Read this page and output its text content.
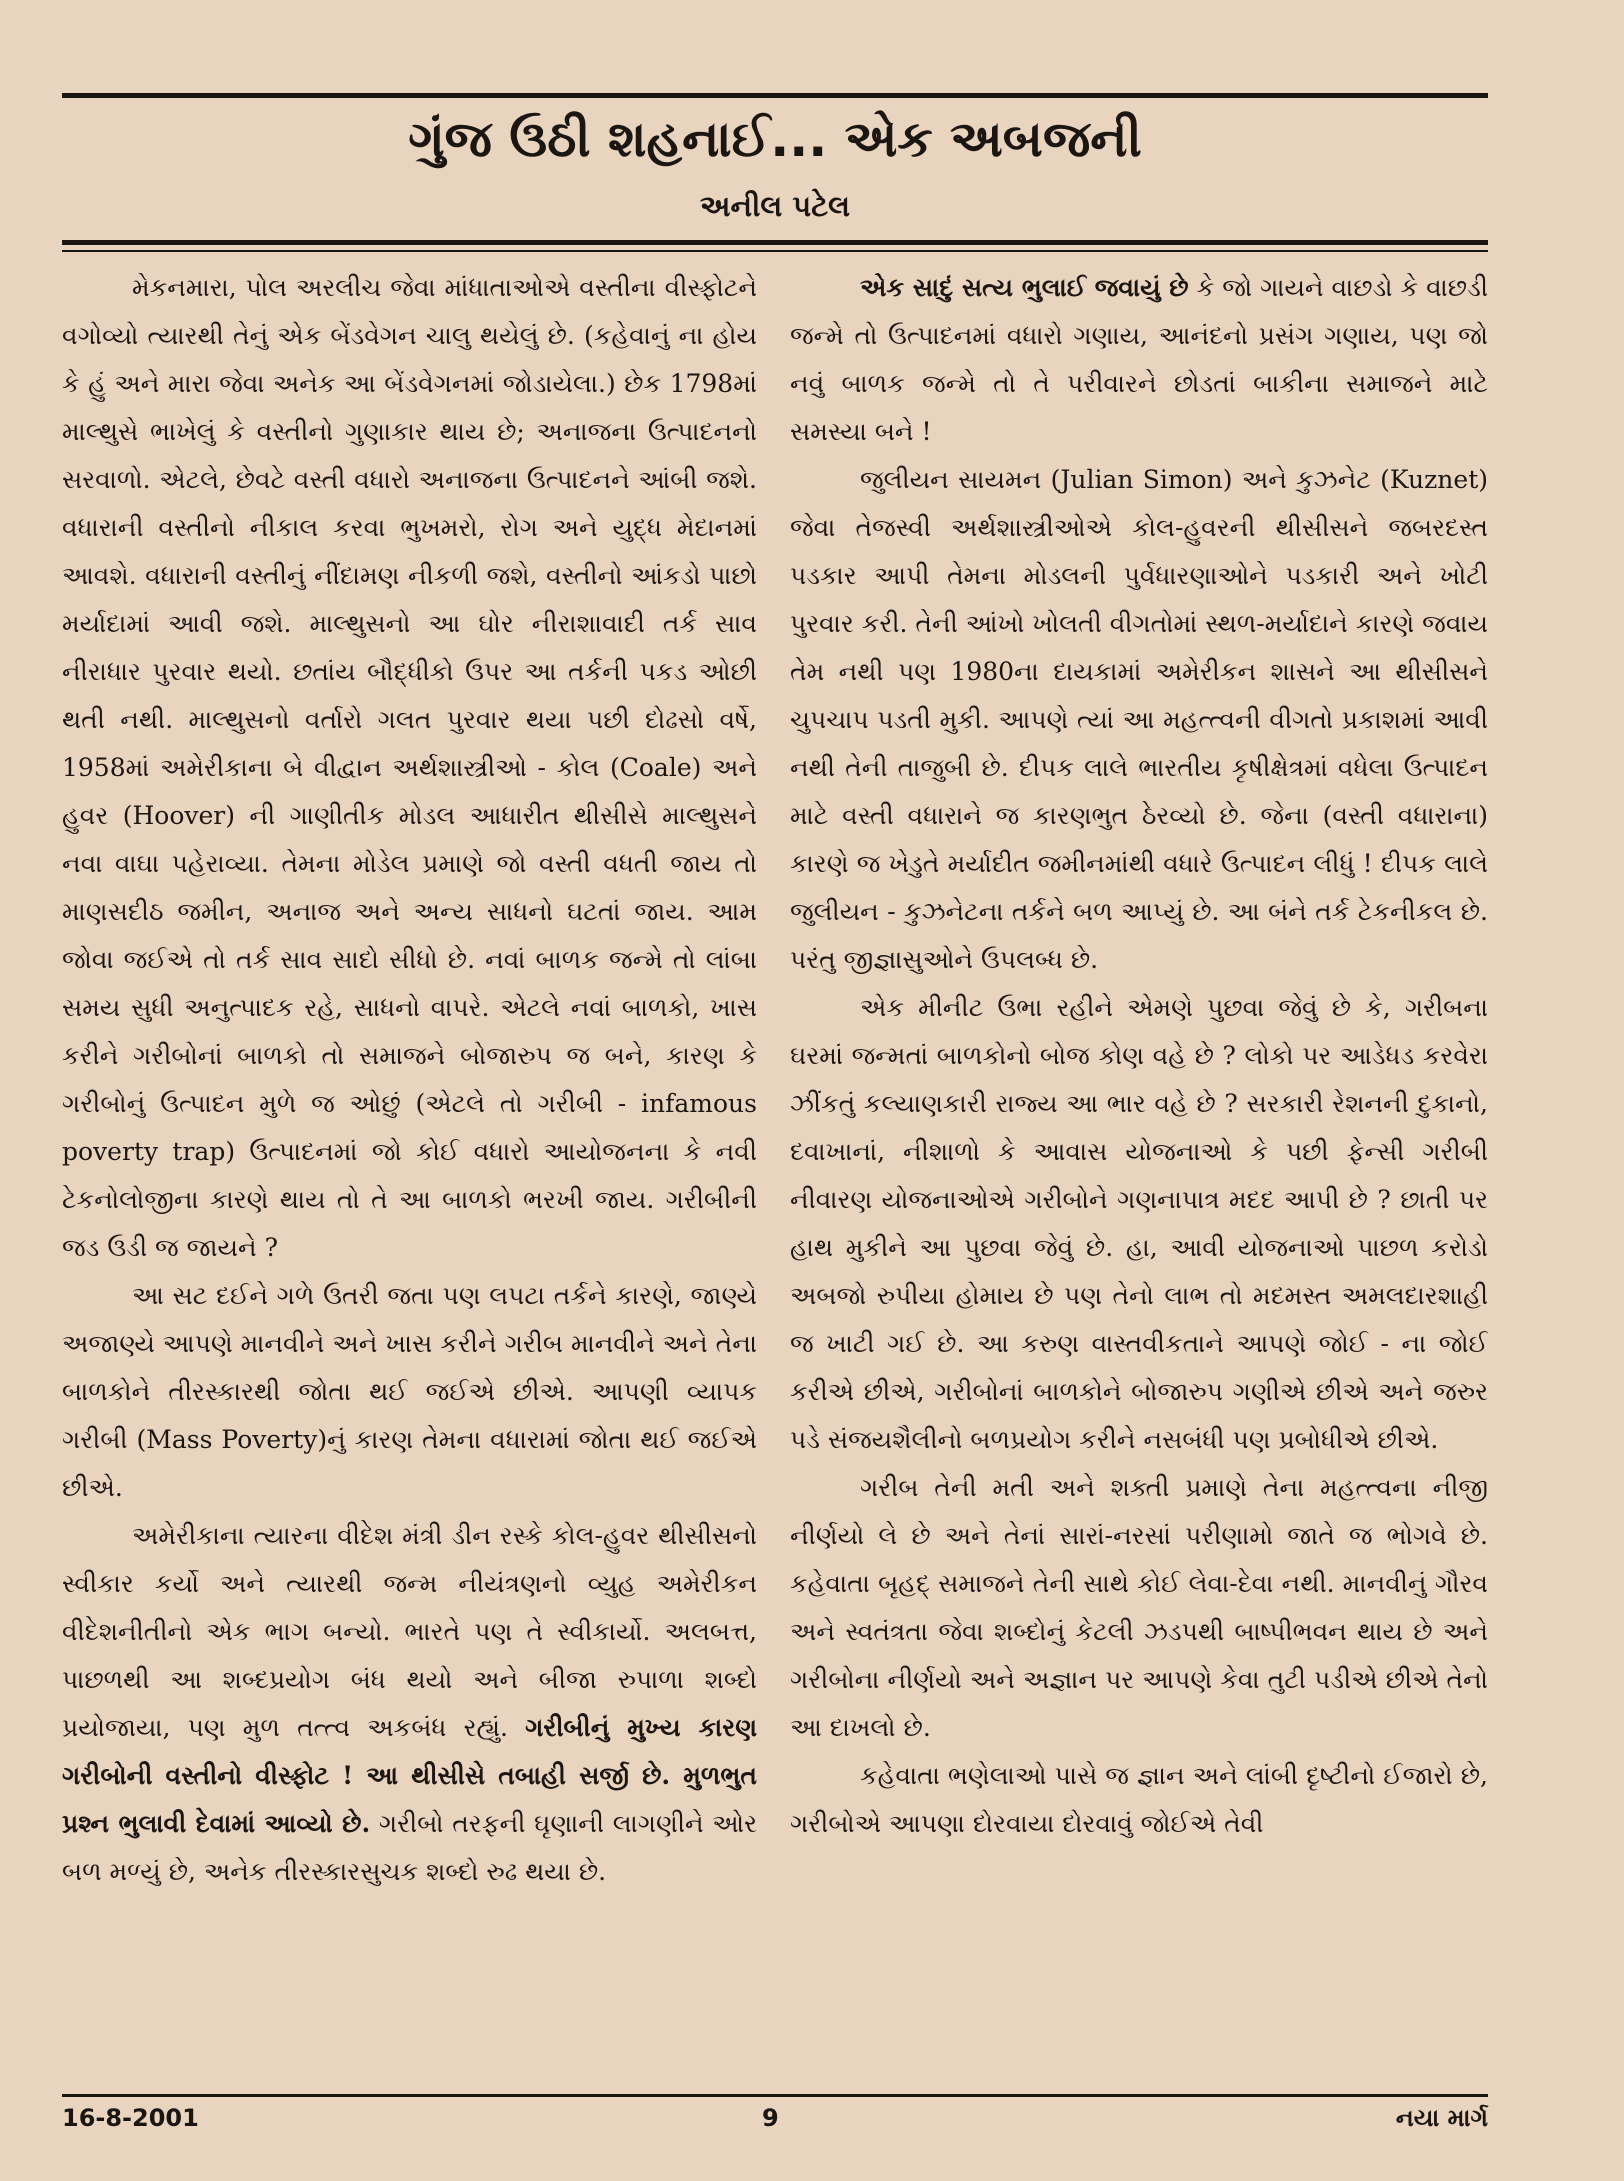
ગુંજ ઉઠી શહનાઈ... એક અબજની
અનીલ પટેલ

મેકનમારા, પોલ અરલીચ જેવા માંધાતાઓએ વસ્તીના વીસ્ફોટને વગોવ્યો ત્યારથી તેનું એક બેંડવેગન ચાલુ થયેલું છે. (કહેવાનું ના હોય કે હું અને મારા જેવા અનેક આ બેંડવેગનમાં જોડાયેલા.) છેક 1798માં માલ્થુસે ભાખેલું કે વસ્તીનો ગુણાકાર થાય છે; અનાજના ઉત્પાદનનો સરવાળો. એટલે, છેવટે વસ્તી વધારો અનાજના ઉત્પાદનને આંબી જશે. વધારાની વસ્તીનો નીકાલ કરવા ભુખમરો, રોગ અને યુદ્ધ મેદાનમાં આવશે. વધારાની વસ્તીનું નીંદામણ નીકળી જશે, વસ્તીનો આંકડો પાછો મર્યાદામાં આવી જશે. માલ્થુસનો આ ઘોર નીરાશાવાદી તર્ક સાવ નીરાધાર પુરવાર થયો. છતાંય બૌદ્ધીકો ઉપર આ તર્કની પકડ ઓછી થતી નથી. માલ્થુસનો વર્તારો ગલત પુરવાર થયા પછી દોઢસો વર્ષે, 1958માં અમેરીકાના બે વીદ્વાન અર્થશાસ્ત્રીઓ - કોલ (Coale) અને હુવર (Hoover) ની ગાણીતીક મોડલ આધારીત થીસીસે માલ્થુસને નવા વાઘા પહેરાવ્યા. તેમના મોડેલ પ્રમાણે જો વસ્તી વધતી જાય તો માણસદીઠ જમીન, અનાજ અને અન્ય સાધનો ઘટતાં જાય. આમ જોવા જઈએ તો તર્ક સાવ સાદો સીધો છે. નવાં બાળક જન્મે તો લાંબા સમય સુધી અનુત્પાદક રહે, સાધનો વાપરે. એટલે નવાં બાળકો, ખાસ કરીને ગરીબોનાં બાળકો તો સમાજને બોજારુપ જ બને, કારણ કે ગરીબોનું ઉત્પાદન મુળે જ ઓછું (એટલે તો ગરીબી - infamous poverty trap) ઉત્પાદનમાં જો કોઈ વધારો આયોજનના કે નવી ટેકનોલોજીના કારણે થાય તો તે આ બાળકો ભરખી જાય. ગરીબીની જડ ઉડી જ જાયને ?

આ સટ દઈને ગળે ઉતરી જતા પણ લપટા તર્કને કારણે, જાણ્યે અજાણ્યે આપણે માનવીને અને ખાસ કરીને ગરીબ માનવીને અને તેના બાળકોને તીરસ્કારથી જોતા થઈ જઈએ છીએ. આપણી વ્યાપક ગરીબી (Mass Poverty)નું કારણ તેમના વધારામાં જોતા થઈ જઈએ છીએ.

અમેરીકાના ત્યારના વીદેશ મંત્રી ડીન રસ્કે કોલ-હુવર થીસીસનો સ્વીકાર કર્યો અને ત્યારથી જન્મ નીયંત્રણનો વ્યુહ અમેરીકન વીદેશનીતીનો એક ભાગ બન્યો. ભારતે પણ તે સ્વીકાર્યો. અલબત્ત, પાછળથી આ શબ્દપ્રયોગ બંધ થયો અને બીજા રુપાળા શબ્દો પ્રયોજાયા, પણ મુળ તત્ત્વ અકબંધ રહ્યું. ગરીબીનું મુખ્ય કારણ ગરીબોની વસ્તીનો વીસ્ફોટ ! આ થીસીસે તબાહી સર્જી છે. મુળભુત પ્રશ્ન ભુલાવી દેવામાં આવ્યો છે. ગરીબો તરફની ઘૃણાની લાગણીને ઓર બળ મળ્યું છે, અનેક તીરસ્કારસુચક શબ્દો રુઢ થયા છે.

એક સાદું સત્ય ભુલાઈ જવાયું છે કે જો ગાયને વાછડો કે વાછડી જન્મે તો ઉત્પાદનમાં વધારો ગણાય, આનંદનો પ્રસંગ ગણાય, પણ જો નવું બાળક જન્મે તો તે પરીવારને છોડતાં બાકીના સમાજને માટે સમસ્યા બને !

જુલીયન સાયમન (Julian Simon) અને કુઝનેટ (Kuznet) જેવા તેજસ્વી અર્થશાસ્ત્રીઓએ કોલ-હુવરની થીસીસને જબરદસ્ત પડકાર આપી તેમના મોડલની પુર્વધારણાઓને પડકારી અને ખોટી પુરવાર કરી. તેની આંખો ખોલતી વીગતોમાં સ્થળ-મર્યાદાને કારણે જવાય તેમ નથી પણ 1980ના દાયકામાં અમેરીકન શાસને આ થીસીસને ચુપચાપ પડતી મુકી. આપણે ત્યાં આ મહત્ત્વની વીગતો પ્રકાશમાં આવી નથી તેની તાજુબી છે. દીપક લાલે ભારતીય કૃષીક્ષેત્રમાં વધેલા ઉત્પાદન માટે વસ્તી વધારાને જ કારણભુત ઠેરવ્યો છે. જેના (વસ્તી વધારાના) કારણે જ ખેડુતે મર્યાદીત જમીનમાંથી વધારે ઉત્પાદન લીધું ! દીપક લાલે જુલીયન - કુઝનેટના તર્કને બળ આપ્યું છે. આ બંને તર્ક ટેકનીકલ છે. પરંતુ જીજ્ઞાસુઓને ઉપલબ્ધ છે.

એક મીનીટ ઉભા રહીને એમણે પુછવા જેવું છે કે, ગરીબના ઘરમાં જન્મતાં બાળકોનો બોજ કોણ વહે છે ? લોકો પર આડેધડ કરવેરા ઝીંકતું કલ્યાણકારી રાજ્ય આ ભાર વહે છે ? સરકારી રેશનની દુકાનો, દવાખાનાં, નીશાળો કે આવાસ યોજનાઓ કે પછી ફેન્સી ગરીબી નીવારણ યોજનાઓએ ગરીબોને ગણનાપાત્ર મદદ આપી છે ? છાતી પર હાથ મુકીને આ પુછવા જેવું છે. હા, આવી યોજનાઓ પાછળ કરોડો અબજો રુપીયા હોમાય છે પણ તેનો લાભ તો મદમસ્ત અમલદારશાહી જ ખાટી ગઈ છે. આ કરુણ વાસ્તવીકતાને આપણે જોઈ - ના જોઈ કરીએ છીએ, ગરીબોનાં બાળકોને બોજારુપ ગણીએ છીએ અને જરુર પડે સંજયશૈલીનો બળપ્રયોગ કરીને નસબંધી પણ પ્રબોધીએ છીએ.

ગરીબ તેની મતી અને શક્તી પ્રમાણે તેના મહત્ત્વના નીજી નીર્ણયો લે છે અને તેનાં સારાં-નરસાં પરીણામો જાતે જ ભોગવે છે. કહેવાતા બૃહદ્ સમાજને તેની સાથે કોઈ લેવા-દેવા નથી. માનવીનું ગૌરવ અને સ્વતંત્રતા જેવા શબ્દોનું કેટલી ઝડપથી બાષ્પીભવન થાય છે અને ગરીબોના નીર્ણયો અને અજ્ઞાન પર આપણે કેવા તુટી પડીએ છીએ તેનો આ દાખલો છે.

કહેવાતા ભણેલાઓ પાસે જ જ્ઞાન અને લાંબી દૃષ્ટીનો ઈજારો છે, ગરીબોએ આપણા દોરવાયા દોરવાવું જોઈએ તેવી

16-8-2001	9	નયા માર્ગ
